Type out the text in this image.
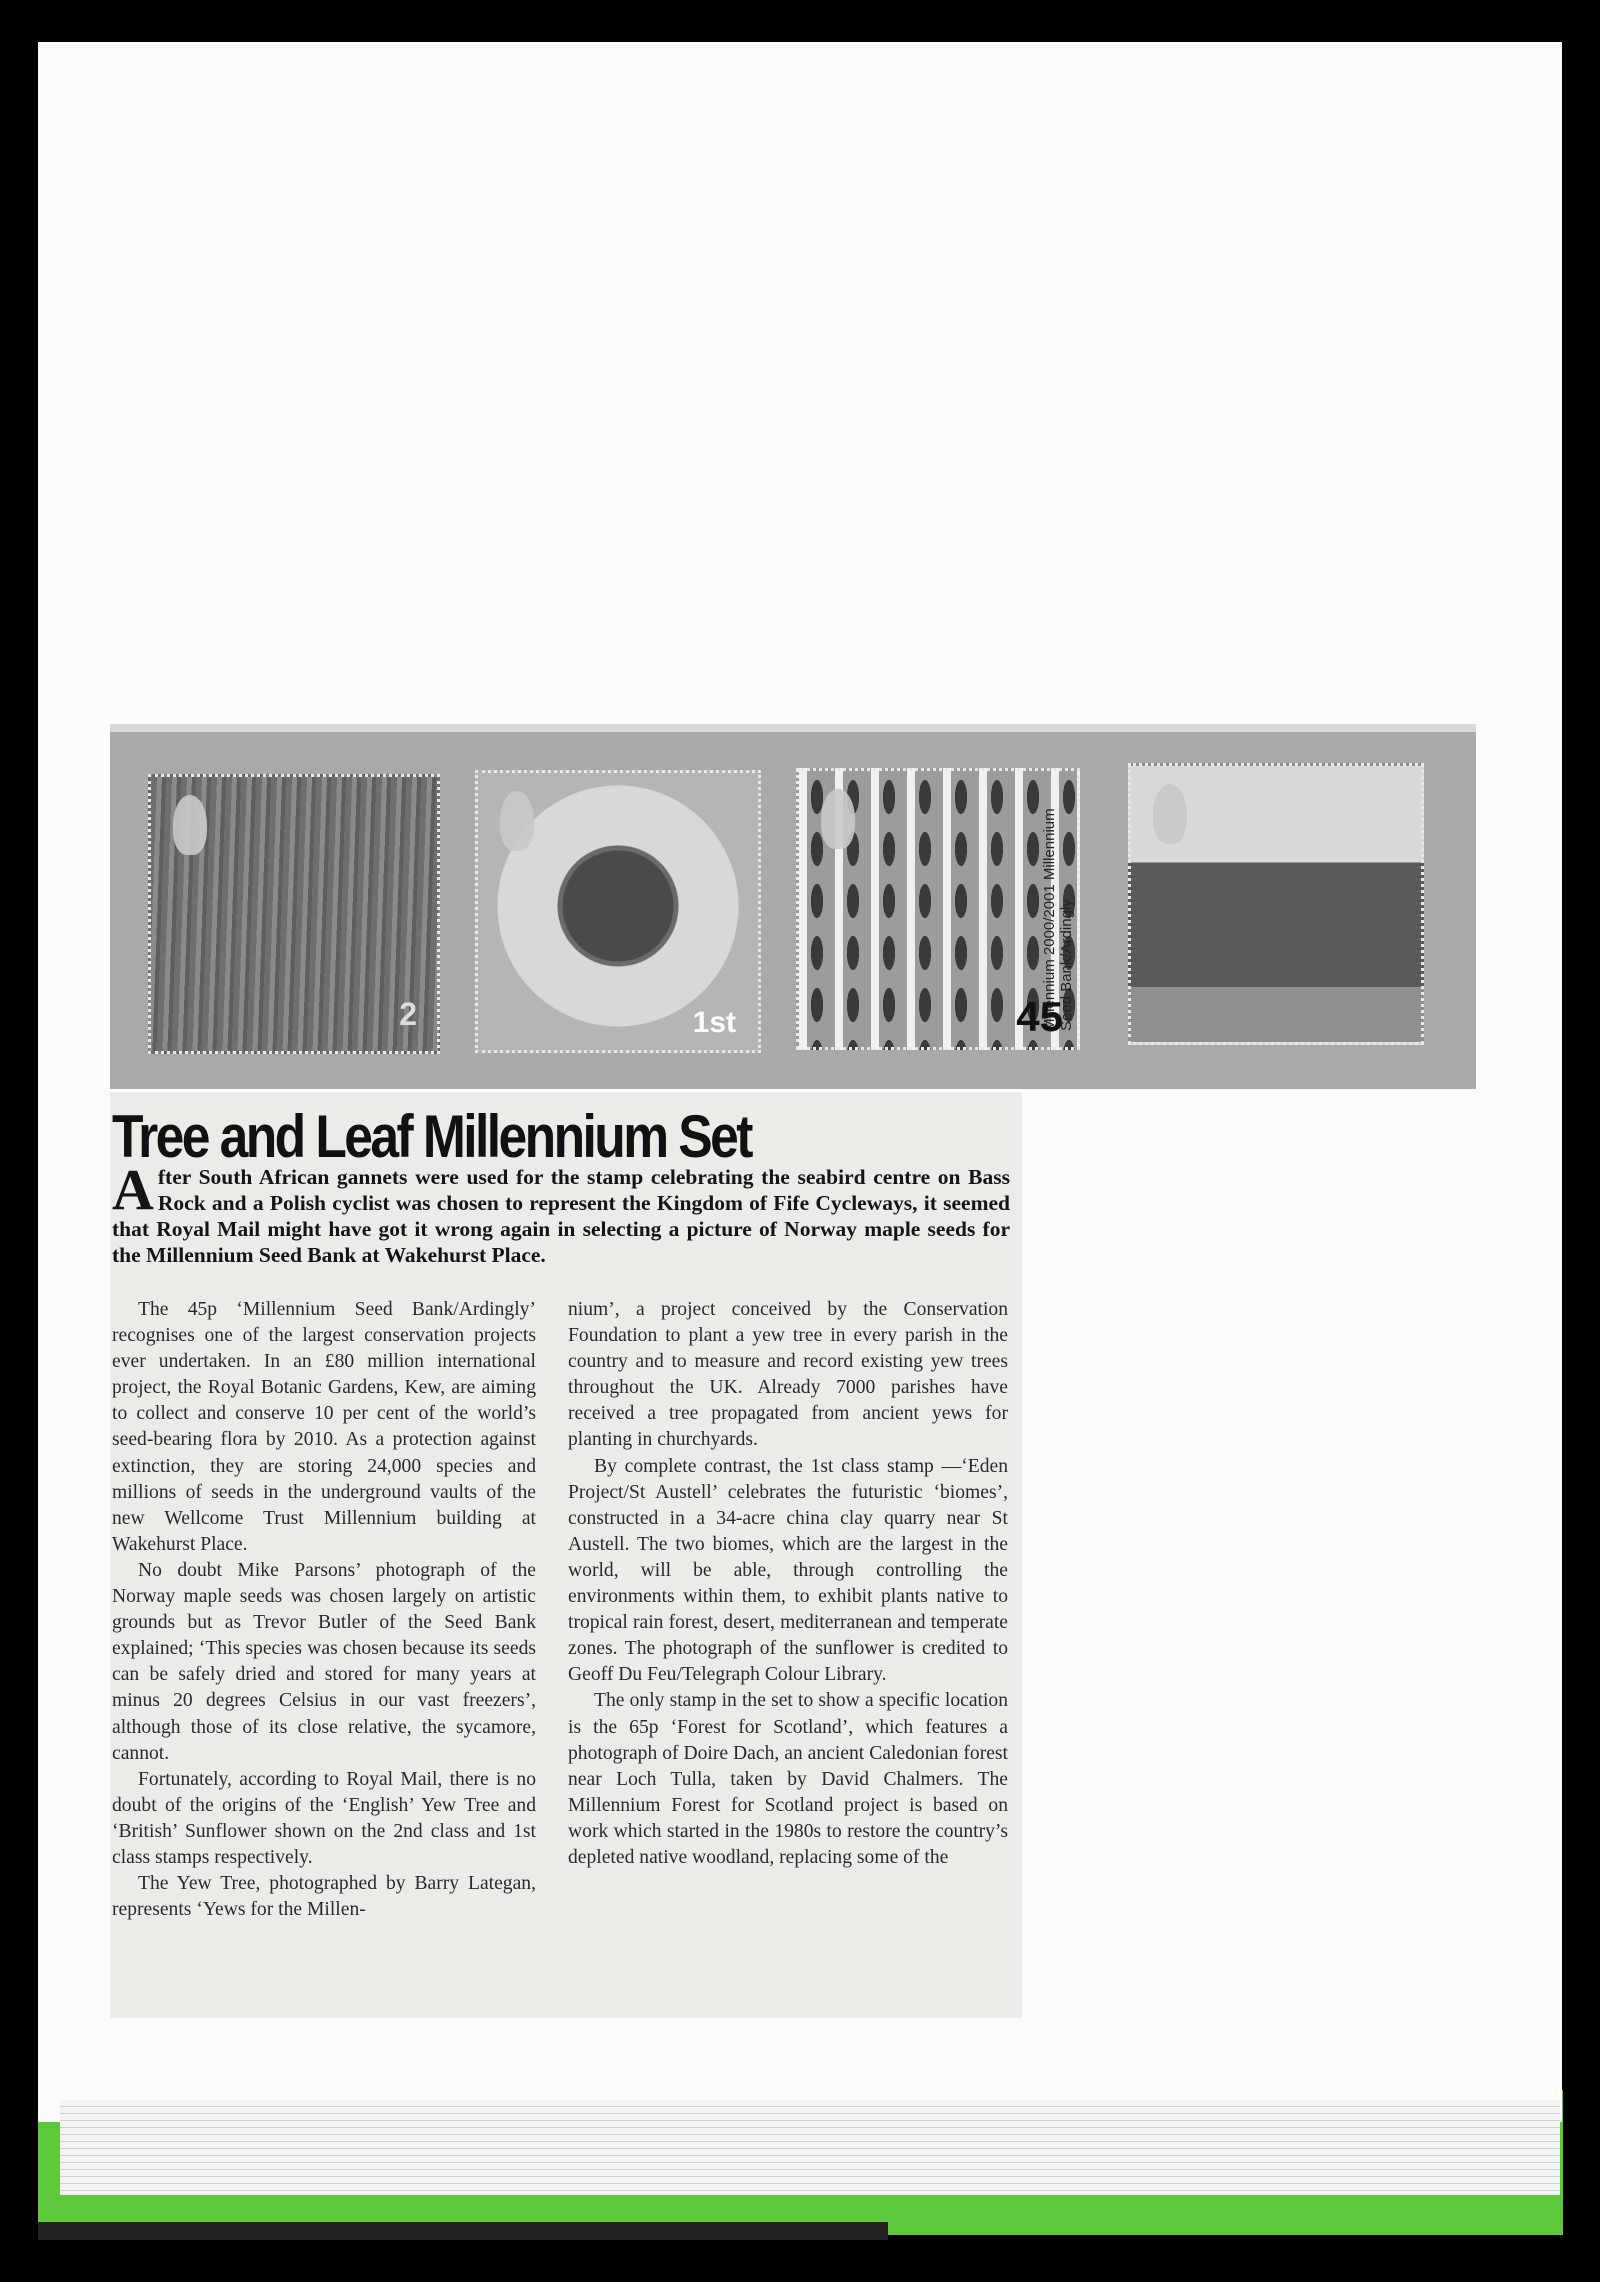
2	1st	Millennium 2000/2001 Millennium Seed Bank/Ardingly
45
Tree and Leaf Millennium Set
After South African gannets were used for the stamp celebrating the seabird centre on Bass Rock and a Polish cyclist was chosen to represent the Kingdom of Fife Cycleways, it seemed that Royal Mail might have got it wrong again in selecting a picture of Norway maple seeds for the Millennium Seed Bank at Wakehurst Place.

The 45p ‘Millennium Seed Bank/Ardingly’ recognises one of the largest conservation projects ever undertaken. In an £80 million international project, the Royal Botanic Gardens, Kew, are aiming to collect and conserve 10 per cent of the world’s seed-bearing flora by 2010. As a protection against extinction, they are storing 24,000 species and millions of seeds in the underground vaults of the new Wellcome Trust Millennium building at Wakehurst Place.

No doubt Mike Parsons’ photograph of the Norway maple seeds was chosen largely on artistic grounds but as Trevor Butler of the Seed Bank explained; ‘This species was chosen because its seeds can be safely dried and stored for many years at minus 20 degrees Celsius in our vast freezers’, although those of its close relative, the sycamore, cannot.

Fortunately, according to Royal Mail, there is no doubt of the origins of the ‘English’ Yew Tree and ‘British’ Sunflower shown on the 2nd class and 1st class stamps respectively.

The Yew Tree, photographed by Barry Lategan, represents ‘Yews for the Millen-

nium’, a project conceived by the Conservation Foundation to plant a yew tree in every parish in the country and to measure and record existing yew trees throughout the UK. Already 7000 parishes have received a tree propagated from ancient yews for planting in churchyards.

By complete contrast, the 1st class stamp —‘Eden Project/St Austell’ celebrates the futuristic ‘biomes’, constructed in a 34-acre china clay quarry near St Austell. The two biomes, which are the largest in the world, will be able, through controlling the environments within them, to exhibit plants native to tropical rain forest, desert, mediterranean and temperate zones. The photograph of the sunflower is credited to Geoff Du Feu/Telegraph Colour Library.

The only stamp in the set to show a specific location is the 65p ‘Forest for Scotland’, which features a photograph of Doire Dach, an ancient Caledonian forest near Loch Tulla, taken by David Chalmers. The Millennium Forest for Scotland project is based on work which started in the 1980s to restore the country’s depleted native woodland, replacing some of the
